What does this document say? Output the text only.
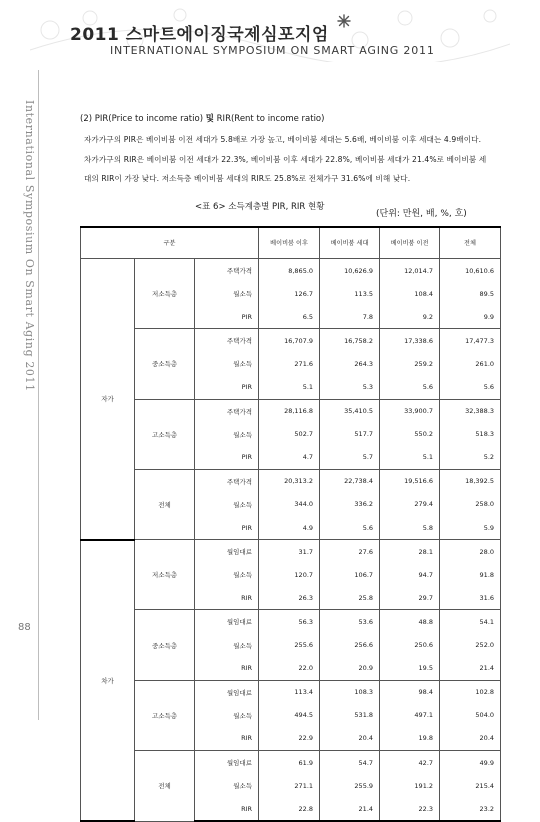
2011 스마트에이징국제심포지엄
INTERNATIONAL SYMPOSIUM ON SMART AGING 2011
International Symposium On Smart Aging 2011
88
(2) PIR(Price to income ratio) 및 RIR(Rent to income ratio)
자가가구의 PIR은 베이비붐 이전 세대가 5.8배로 가장 높고, 베이비붐 세대는 5.6배, 베이비붐 이후 세대는 4.9배이다. 차가가구의 RIR은 베이비붐 이전 세대가 22.3%, 베이비붐 이후 세대가 22.8%, 베이비붐 세대가 21.4%로 베이비붐 세대의 RIR이 가장 낮다. 저소득층 베이비붐 세대의 RIR도 25.8%로 전체가구 31.6%에 비해 낮다.
<표 6> 소득계층별 PIR, RIR 현황
(단위: 만원, 배, %, 호)
구분			베이비붐 이후	베이비붐 세대	베이비붐 이전	전체
자가	저소득층	주택가격	8,865.0	10,626.9	12,014.7	10,610.6
		월소득	126.7	113.5	108.4	89.5
		PIR	6.5	7.8	9.2	9.9
	중소득층	주택가격	16,707.9	16,758.2	17,338.6	17,477.3
		월소득	271.6	264.3	259.2	261.0
		PIR	5.1	5.3	5.6	5.6
	고소득층	주택가격	28,116.8	35,410.5	33,900.7	32,388.3
		월소득	502.7	517.7	550.2	518.3
		PIR	4.7	5.7	5.1	5.2
	전체	주택가격	20,313.2	22,738.4	19,516.6	18,392.5
		월소득	344.0	336.2	279.4	258.0
		PIR	4.9	5.6	5.8	5.9
차가	저소득층	월임대료	31.7	27.6	28.1	28.0
		월소득	120.7	106.7	94.7	91.8
		RIR	26.3	25.8	29.7	31.6
	중소득층	월임대료	56.3	53.6	48.8	54.1
		월소득	255.6	256.6	250.6	252.0
		RIR	22.0	20.9	19.5	21.4
	고소득층	월임대료	113.4	108.3	98.4	102.8
		월소득	494.5	531.8	497.1	504.0
		RIR	22.9	20.4	19.8	20.4
	전체	월임대료	61.9	54.7	42.7	49.9
		월소득	271.1	255.9	191.2	215.4
		RIR	22.8	21.4	22.3	23.2
